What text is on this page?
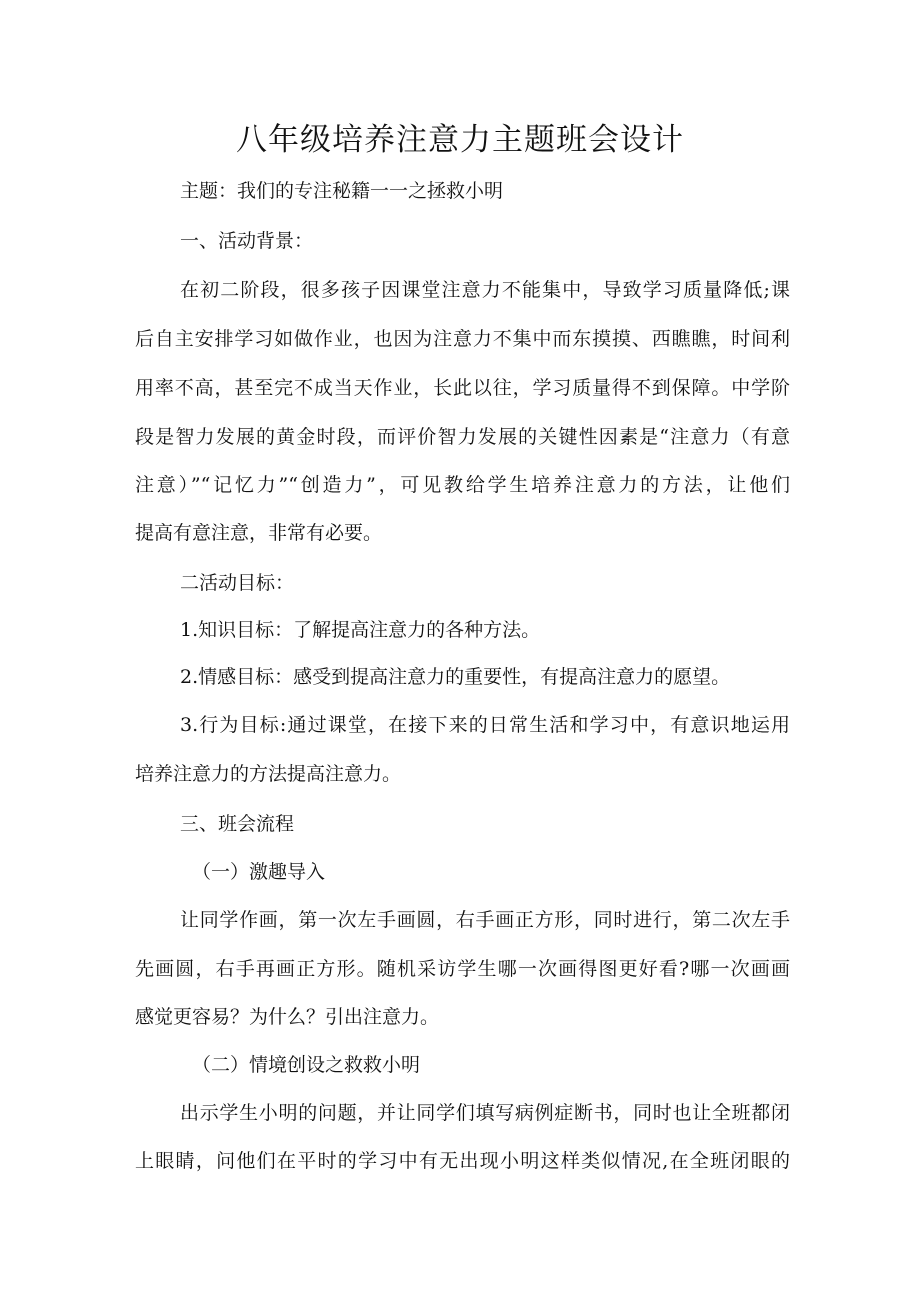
八年级培养注意力主题班会设计

主题：我们的专注秘籍一一之拯救小明

一、活动背景：

在初二阶段，很多孩子因课堂注意力不能集中，导致学习质量降低;课

后自主安排学习如做作业，也因为注意力不集中而东摸摸、西瞧瞧，时间利

用率不高，甚至完不成当天作业，长此以往，学习质量得不到保障。中学阶

段是智力发展的黄金时段，而评价智力发展的关键性因素是“注意力（有意

注意）”“记忆力”“创造力”，可见教给学生培养注意力的方法，让他们

提高有意注意，非常有必要。

二活动目标：

1.知识目标：了解提高注意力的各种方法。

2.情感目标：感受到提高注意力的重要性，有提高注意力的愿望。

3.行为目标:通过课堂，在接下来的日常生活和学习中，有意识地运用

培养注意力的方法提高注意力。

三、班会流程

（一）激趣导入

让同学作画，第一次左手画圆，右手画正方形，同时进行，第二次左手

先画圆，右手再画正方形。随机采访学生哪一次画得图更好看?哪一次画画

感觉更容易？为什么？引出注意力。

（二）情境创设之救救小明

出示学生小明的问题，并让同学们填写病例症断书，同时也让全班都闭

上眼睛，问他们在平时的学习中有无出现小明这样类似情况,在全班闭眼的
